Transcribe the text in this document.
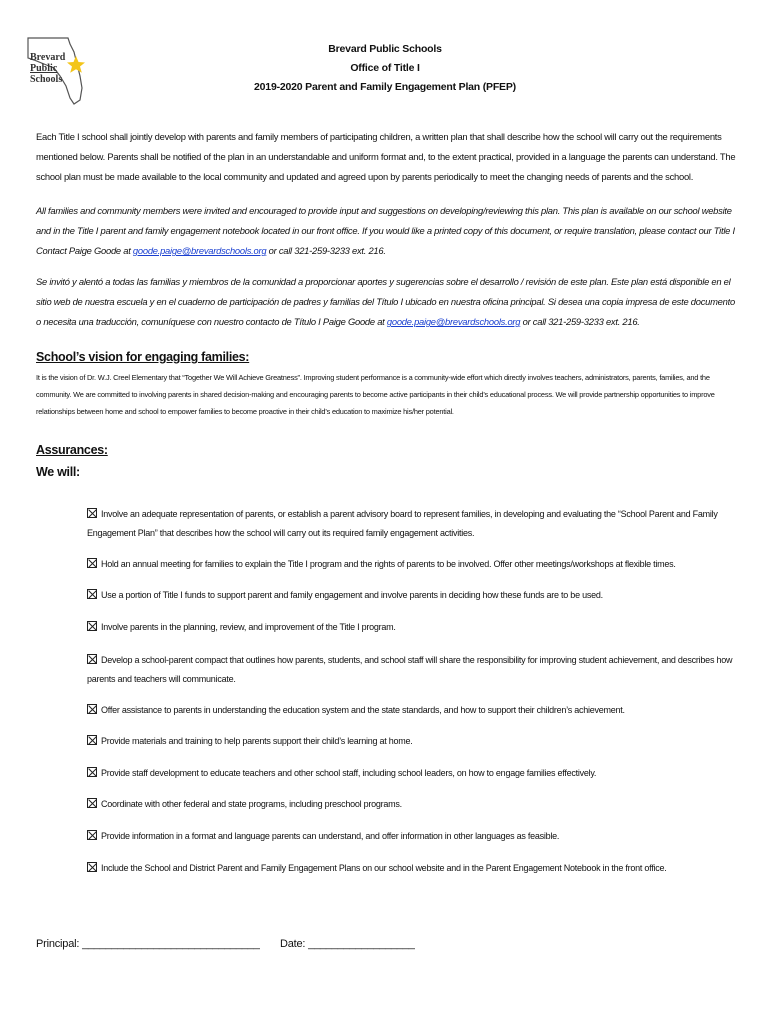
Brevard
Public
Schools
Brevard Public Schools
Office of Title I
2019-2020 Parent and Family Engagement Plan (PFEP)
Each Title I school shall jointly develop with parents and family members of participating children, a written plan that shall describe how the school will carry out the requirements mentioned below. Parents shall be notified of the plan in an understandable and uniform format and, to the extent practical, provided in a language the parents can understand. The school plan must be made available to the local community and updated and agreed upon by parents periodically to meet the changing needs of parents and the school.
All families and community members were invited and encouraged to provide input and suggestions on developing/reviewing this plan. This plan is available on our school website and in the Title I parent and family engagement notebook located in our front office. If you would like a printed copy of this document, or require translation, please contact our Title I Contact Paige Goode at goode.paige@brevardschools.org or call 321-259-3233 ext. 216.
Se invitó y alentó a todas las familias y miembros de la comunidad a proporcionar aportes y sugerencias sobre el desarrollo / revisión de este plan. Este plan está disponible en el sitio web de nuestra escuela y en el cuaderno de participación de padres y familias del Título I ubicado en nuestra oficina principal. Si desea una copia impresa de este documento o necesita una traducción, comuníquese con nuestro contacto de Título I Paige Goode at goode.paige@brevardschools.org or call 321-259-3233 ext. 216.
School’s vision for engaging families:
It is the vision of Dr. W.J. Creel Elementary that “Together We Will Achieve Greatness”. Improving student performance is a community-wide effort which directly involves teachers, administrators, parents, families, and the community. We are committed to involving parents in shared decision-making and encouraging parents to become active participants in their child’s educational process. We will provide partnership opportunities to improve relationships between home and school to empower families to become proactive in their child’s education to maximize his/her potential.
Assurances:
We will:
Involve an adequate representation of parents, or establish a parent advisory board to represent families, in developing and evaluating the “School Parent and Family Engagement Plan” that describes how the school will carry out its required family engagement activities.
Hold an annual meeting for families to explain the Title I program and the rights of parents to be involved. Offer other meetings/workshops at flexible times.
Use a portion of Title I funds to support parent and family engagement and involve parents in deciding how these funds are to be used.
Involve parents in the planning, review, and improvement of the Title I program.
Develop a school-parent compact that outlines how parents, students, and school staff will share the responsibility for improving student achievement, and describes how parents and teachers will communicate.
Offer assistance to parents in understanding the education system and the state standards, and how to support their children’s achievement.
Provide materials and training to help parents support their child’s learning at home.
Provide staff development to educate teachers and other school staff, including school leaders, on how to engage families effectively.
Coordinate with other federal and state programs, including preschool programs.
Provide information in a format and language parents can understand, and offer information in other languages as feasible.
Include the School and District Parent and Family Engagement Plans on our school website and in the Parent Engagement Notebook in the front office.
Principal: ______________________________ Date: __________________
